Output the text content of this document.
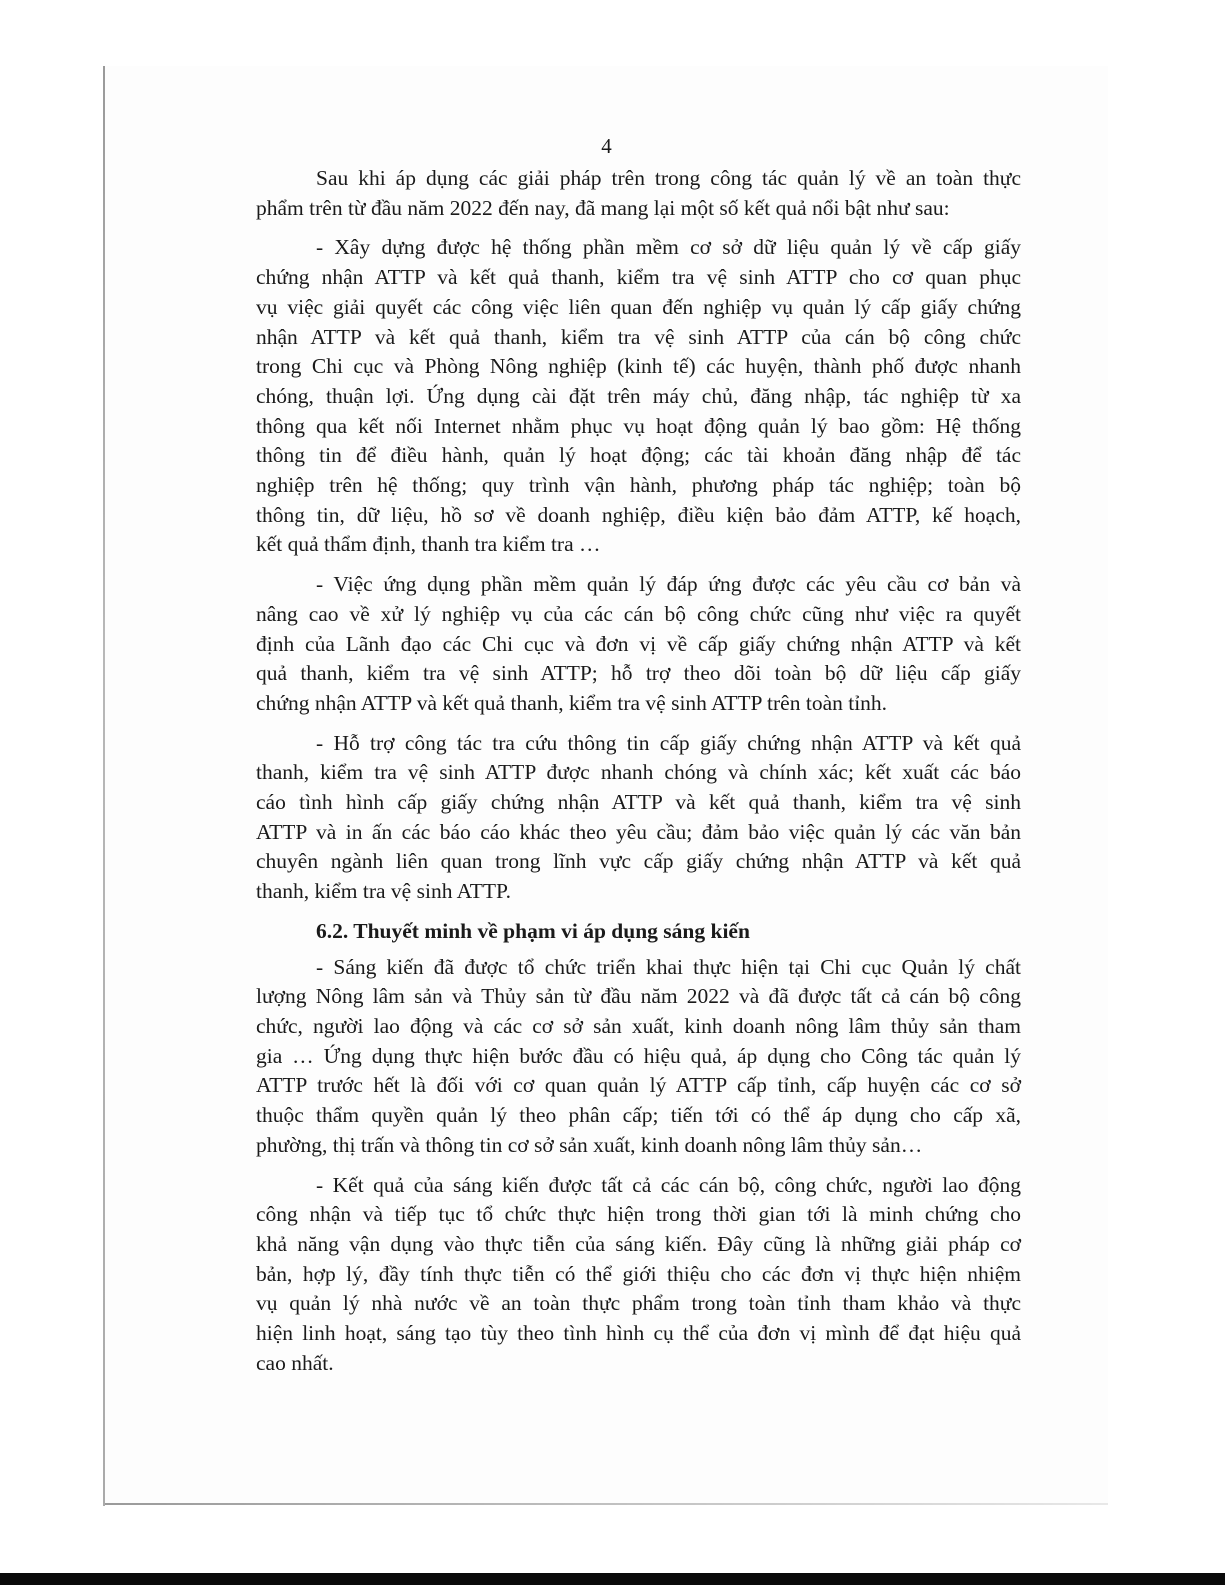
4
Sau khi áp dụng các giải pháp trên trong công tác quản lý về an toàn thực
phẩm trên từ đầu năm 2022 đến nay, đã mang lại một số kết quả nổi bật như sau:
- Xây dựng được hệ thống phần mềm cơ sở dữ liệu quản lý về cấp giấy
chứng nhận ATTP và kết quả thanh, kiểm tra vệ sinh ATTP cho cơ quan phục
vụ việc giải quyết các công việc liên quan đến nghiệp vụ quản lý cấp giấy chứng
nhận ATTP và kết quả thanh, kiểm tra vệ sinh ATTP của cán bộ công chức
trong Chi cục và Phòng Nông nghiệp (kinh tế) các huyện, thành phố được nhanh
chóng, thuận lợi. Ứng dụng cài đặt trên máy chủ, đăng nhập, tác nghiệp từ xa
thông qua kết nối Internet nhằm phục vụ hoạt động quản lý bao gồm: Hệ thống
thông tin để điều hành, quản lý hoạt động; các tài khoản đăng nhập để tác
nghiệp trên hệ thống; quy trình vận hành, phương pháp tác nghiệp; toàn bộ
thông tin, dữ liệu, hồ sơ về doanh nghiệp, điều kiện bảo đảm ATTP, kế hoạch,
kết quả thẩm định, thanh tra kiểm tra …
- Việc ứng dụng phần mềm quản lý đáp ứng được các yêu cầu cơ bản và
nâng cao về xử lý nghiệp vụ của các cán bộ công chức cũng như việc ra quyết
định của Lãnh đạo các Chi cục và đơn vị về cấp giấy chứng nhận ATTP và kết
quả thanh, kiểm tra vệ sinh ATTP; hỗ trợ theo dõi toàn bộ dữ liệu cấp giấy
chứng nhận ATTP và kết quả thanh, kiểm tra vệ sinh ATTP trên toàn tỉnh.
- Hỗ trợ công tác tra cứu thông tin cấp giấy chứng nhận ATTP và kết quả
thanh, kiểm tra vệ sinh ATTP được nhanh chóng và chính xác; kết xuất các báo
cáo tình hình cấp giấy chứng nhận ATTP và kết quả thanh, kiểm tra vệ sinh
ATTP và in ấn các báo cáo khác theo yêu cầu; đảm bảo việc quản lý các văn bản
chuyên ngành liên quan trong lĩnh vực cấp giấy chứng nhận ATTP và kết quả
thanh, kiểm tra vệ sinh ATTP.
6.2. Thuyết minh về phạm vi áp dụng sáng kiến
- Sáng kiến đã được tổ chức triển khai thực hiện tại Chi cục Quản lý chất
lượng Nông lâm sản và Thủy sản từ đầu năm 2022 và đã được tất cả cán bộ công
chức, người lao động và các cơ sở sản xuất, kinh doanh nông lâm thủy sản tham
gia … Ứng dụng thực hiện bước đầu có hiệu quả, áp dụng cho Công tác quản lý
ATTP trước hết là đối với cơ quan quản lý ATTP cấp tỉnh, cấp huyện các cơ sở
thuộc thẩm quyền quản lý theo phân cấp; tiến tới có thể áp dụng cho cấp xã,
phường, thị trấn và thông tin cơ sở sản xuất, kinh doanh nông lâm thủy sản…
- Kết quả của sáng kiến được tất cả các cán bộ, công chức, người lao động
công nhận và tiếp tục tổ chức thực hiện trong thời gian tới là minh chứng cho
khả năng vận dụng vào thực tiễn của sáng kiến. Đây cũng là những giải pháp cơ
bản, hợp lý, đầy tính thực tiễn có thể giới thiệu cho các đơn vị thực hiện nhiệm
vụ quản lý nhà nước về an toàn thực phẩm trong toàn tỉnh tham khảo và thực
hiện linh hoạt, sáng tạo tùy theo tình hình cụ thể của đơn vị mình để đạt hiệu quả
cao nhất.
